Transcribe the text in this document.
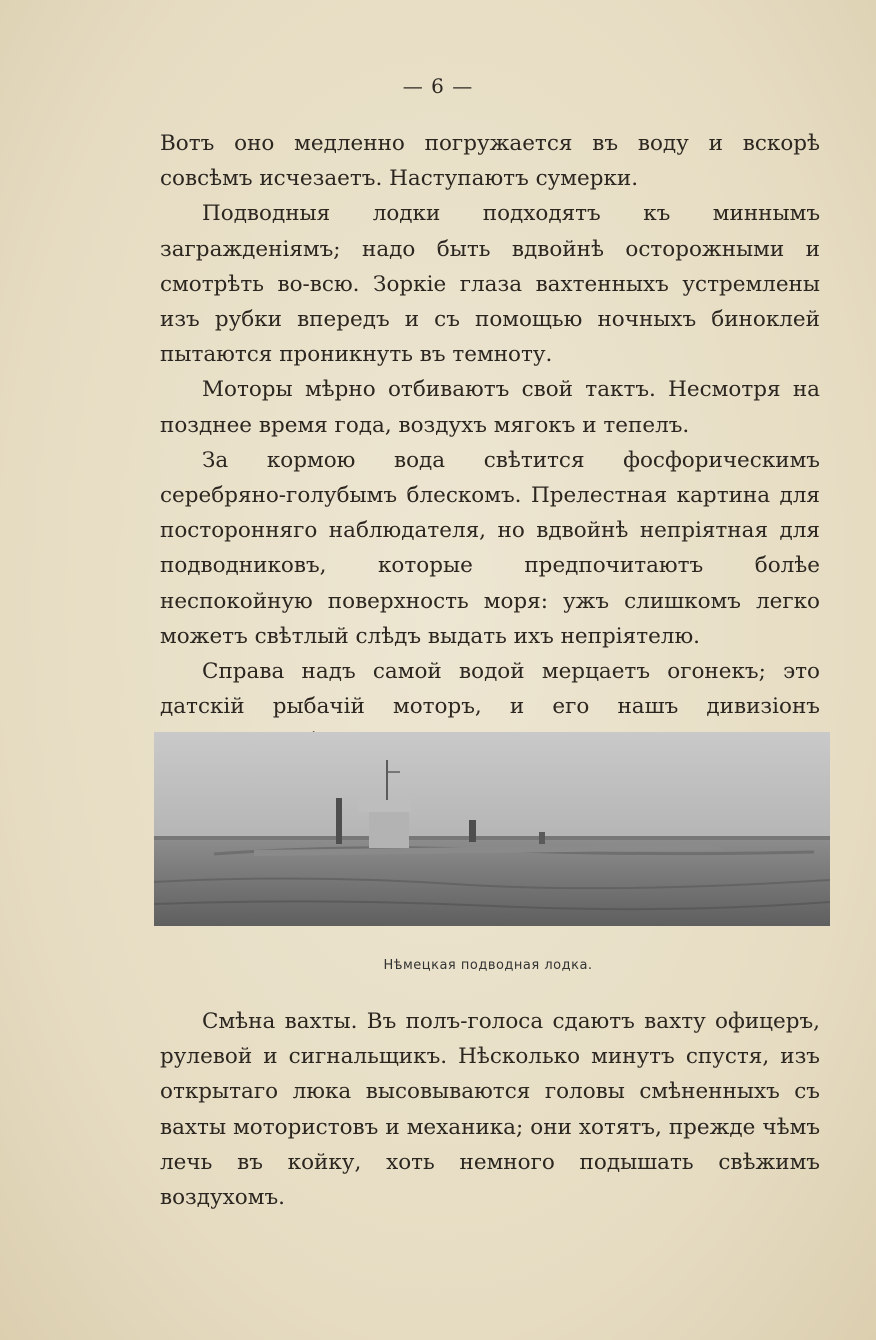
— 6 —

Вотъ оно медленно погружается въ воду и вскорѣ совсѣмъ исчезаетъ. Наступаютъ сумерки.

Подводныя лодки подходятъ къ миннымъ загражденіямъ; надо быть вдвойнѣ осторожными и смотрѣть во-всю. Зоркіе глаза вахтенныхъ устремлены изъ рубки впередъ и съ помощью ночныхъ биноклей пытаются проникнуть въ темноту.

Моторы мѣрно отбиваютъ свой тактъ. Несмотря на позднее время года, воздухъ мягокъ и тепелъ.

За кормою вода свѣтится фосфорическимъ серебряно-голубымъ блескомъ. Прелестная картина для посторонняго наблюдателя, но вдвойнѣ непріятная для подводниковъ, которые предпочитаютъ болѣе неспокойную поверхность моря: ужъ слишкомъ легко можетъ свѣтлый слѣдъ выдать ихъ непріятелю.

Справа надъ самой водой мерцаетъ огонекъ; это датскій рыбачій моторъ, и его нашъ дивизіонъ

Нѣмецкая подводная лодка.

Смѣна вахты. Въ полъ-голоса сдаютъ вахту офицеръ, рулевой и сигнальщикъ. Нѣсколько минутъ спустя, изъ открытаго люка высовываются головы смѣненныхъ съ вахты мотористовъ и механика; они хотятъ, прежде чѣмъ лечь въ койку, хоть немного подышать свѣжимъ воздухомъ.
